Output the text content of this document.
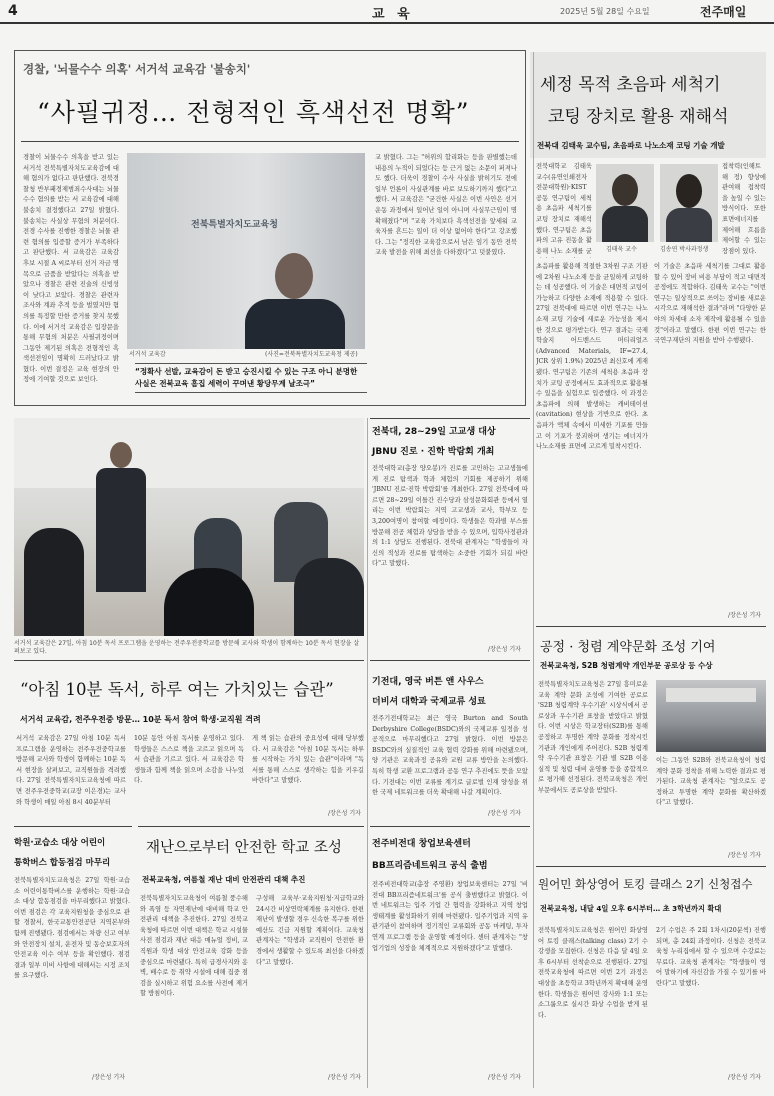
4	교 육	2025년 5월 28일 수요일	전주매일
경찰, '뇌물수수 의혹' 서거석 교육감 '불송치'
“사필귀정… 전형적인 흑색선전 명확”
경찰이 뇌물수수 의혹을 받고 있는 서거석 전북특별자치도교육감에 대해 혐의가 없다고 판단했다. 전북경찰청 반부패경제범죄수사대는 뇌물수수 혐의를 받는 서 교육감에 대해 불송치 결정했다고 27일 밝혔다. 불송치는 사실상 무혐의 처분이다. 전경 수사를 진행한 경찰은 뇌물 관련 혐의를 입증할 증거가 부족하다고 판단했다. 서 교육감은 교육감 후보 시절 A 씨로부터 선거 자금 명목으로 금품을 받았다는 의혹을 받았으나 경찰은 관련 진술의 신빙성이 낮다고 보았다. 경찰은 관련자 조사와 계좌 추적 등을 벌였지만 혐의를 특정할 만한 증거를 찾지 못했다. 이에 서거석 교육감은 입장문을 통해 무혐의 처분은 사필귀정이며 그동안 제기된 의혹은 전형적인 흑색선전임이 명확히 드러났다고 밝혔다. 이번 결정은 교육 현장의 안정에 기여할 것으로 보인다.
전북특별자치도교육청
서거석 교육감	(사진=전북특별자치도교육청 제공)
교 밝혔다. 그는 "허위의 합리화는 등을 판별했는데 내용의 누적이 되었다는 등 근거 없는 소문이 퍼져나도 했다. 더욱이 경찰이 수사 사실을 밝히기도 전에 일부 언론이 사실관계를 바로 보도하기까지 했다"고 했다. 서 교육감은 "굳건한 사실은 이번 사안은 선거운동 과정에서 일어난 일이 아니며 사실무근임이 명확해졌다"며 "교육 가치보다 흑색선전을 앞세워 교육자를 흔드는 일이 더 이상 없어야 한다"고 강조했다. 그는 "정직한 교육감으로서 남은 임기 동안 전북교육 발전을 위해 최선을 다하겠다"고 덧붙였다.
“정확사 선발, 교육감이 돈 받고 승진시킬 수 있는 구조 아니 분명한 사실은 전북교육 흠집 세력이 꾸며낸 황당무계 날조극”
세정 목적 초음파 세척기
코팅 장치로 활용 재해석
전북대 김태욱 교수팀, 초음파로 나노소재 코팅 기술 개발
전북대학교 김태욱 교수(유연인쇄전자전문대학원)·KIST 공동 연구팀이 세척용 초음파 세척기를 코팅 장치로 재해석했다. 연구팀은 초음파의 고유 진동을 활용해 나노 소재를 균 김태욱 교수	김송연 박사과정생
접착력(인해트해 정) 향상에 관여해 접착력을 높일 수 있는 방식이다. 또한 표면에너지를 제어해 흐름을 제어할 수 있는 장점이 있다.
초음파를 활용해 적절한 3차원 구조 기판에 2차원 나노소재 등을 균일하게 코팅하는 데 성공했다. 이 기술은 대면적 코팅이 가능하고 다양한 소재에 적용할 수 있다. 27일 전북대에 따르면 이번 연구는 나노소재 코팅 기술에 새로운 가능성을 제시한 것으로 평가받는다. 연구 결과는 국제 학술지 어드밴스드 머티리얼즈(Advanced Materials, IF=27.4, JCR 상위 1.9%) 2025년 최신호에 게재됐다. 연구팀은 기존의 세척용 초음파 장치가 코팅 공정에서도 효과적으로 활용될 수 있음을 실험으로 입증했다. 이 과정은 초음파에 의해 발생하는 캐비테이션(cavitation) 현상을 기반으로 한다. 초음파가 액체 속에서 미세한 기포를 만들고 이 기포가 붕괴하며 생기는 에너지가 나노소재를 표면에 고르게 밀착시킨다.
이 기술은 초음파 세척기를 그대로 활용할 수 있어 장비 비용 부담이 적고 대면적 공정에도 적합하다. 김태욱 교수는 "이번 연구는 일상적으로 쓰이는 장비를 새로운 시각으로 재해석한 결과"라며 "다양한 분야의 차세대 소자 제작에 활용될 수 있을 것"이라고 말했다. 한편 이번 연구는 한국연구재단의 지원을 받아 수행됐다.
/장은성 기자
서거석 교육감은 27일, 아침 10분 독서 프로그램을 운영하는 전주우전중학교를 방문해 교사와 학생이 함께하는 10분 독서 현장을 살펴보고 있다.
“아침 10분 독서, 하루 여는 가치있는 습관”
서거석 교육감, 전주우전중 방문… 10분 독서 참여 학생·교직원 격려
서거석 교육감은 27일 아침 10분 독서 프로그램을 운영하는 전주우전중학교를 방문해 교사와 학생이 함께하는 10분 독서 현장을 살펴보고, 교직원들을 격려했다. 27일 전북특별자치도교육청에 따르면 전주우전중학교(교장 이은경)는 교사와 학생이 매일 아침 8시 40분부터
10분 동안 아침 독서를 운영하고 있다. 학생들은 스스로 책을 고르고 읽으며 독서 습관을 기르고 있다. 서 교육감은 학생들과 함께 책을 읽으며 소감을 나누었다.
게 책 읽는 습관의 중요성에 대해 당부했다. 서 교육감은 "아침 10분 독서는 하루를 시작하는 가치 있는 습관"이라며 "독서를 통해 스스로 생각하는 힘을 키우길 바란다"고 말했다.
/장은성 기자
전북대, 28~29일 고교생 대상
JBNU 진로 · 진학 박람회 개최
전북대학교(총장 양오봉)가 진로를 고민하는 고교생들에게 진로 탐색과 학과 체험의 기회를 제공하기 위해 'JBNU 진로·진학 박람회'를 개최한다. 27일 전북대에 따르면 28~29일 이틀간 진수당과 삼성문화회관 등에서 열리는 이번 박람회는 지역 고교생과 교사, 학부모 등 3,200여명이 참여할 예정이다. 학생들은 학과별 부스를 방문해 전공 체험과 상담을 받을 수 있으며, 입학사정관과의 1:1 상담도 진행된다. 전북대 관계자는 "학생들이 자신의 적성과 진로를 탐색하는 소중한 기회가 되길 바란다"고 말했다.
/장은성 기자
기전대, 영국 버튼 앤 사우스
더비셔 대학과 국제교류 성료
전주기전대학교는 최근 영국 Burton and South Derbyshire College(BSDC)와의 국제교류 일정을 성공적으로 마무리했다고 27일 밝혔다. 이번 방문은 BSDC와의 실질적인 교육 협력 강화를 위해 마련됐으며, 양 기관은 교육과정 공유와 교원 교류 방안을 논의했다. 특히 학생 교환 프로그램과 공동 연구 추진에도 뜻을 모았다. 기전대는 이번 교류를 계기로 글로벌 인재 양성을 위한 국제 네트워크를 더욱 확대해 나갈 계획이다.
/장은성 기자
공정 · 청렴 계약문화 조성 기여
전북교육청, S2B 청렴계약 개인부문 공로상 등 수상
전북특별자치도교육청은 27일 흥미로운 교육 계약 문화 조성에 기여한 공로로 'S2B 청렴계약 우수기관' 시상식에서 공로상과 우수기관 표창을 받았다고 밝혔다. 이번 시상은 학교장터(S2B)를 통해 공정하고 투명한 계약 문화를 정착시킨 기관과 개인에게 주어진다. S2B 청렴계약 우수기관 표창은 기관 별 S2B 이용 실적 및 청렴 대비 운영률 등을 종합적으로 평가해 선정된다. 전북교육청은 개인부문에서도 공로상을 받았다.
이는 그동안 S2B와 전북교육청이 청렴 계약 문화 정착을 위해 노력한 결과로 평가된다. 교육청 관계자는 "앞으로도 공정하고 투명한 계약 문화를 확산하겠다"고 말했다.
/장은성 기자
학원·교습소 대상 어린이
통학버스 합동점검 마무리
전북특별자치도교육청은 27일 학원·교습소 어린이통학버스를 운행하는 학원·교습소 대상 합동점검을 마무리했다고 밝혔다. 이번 점검은 각 교육지원청을 중심으로 관할 경찰서, 한국교통안전공단 지역본부와 함께 진행됐다. 점검에서는 차량 신고 여부와 안전장치 설치, 운전자 및 동승보호자의 안전교육 이수 여부 등을 확인했다. 점검 결과 일부 미비 사항에 대해서는 시정 조치를 요구했다.
/장은성 기자
재난으로부터 안전한 학교 조성
전북교육청, 여름철 재난 대비 안전관리 대책 추진
전북특별자치도교육청이 여름철 풍수해와 폭염 등 자연재난에 대비해 학교 안전관리 대책을 추진한다. 27일 전북교육청에 따르면 이번 대책은 학교 시설물 사전 점검과 재난 대응 매뉴얼 정비, 교직원과 학생 대상 안전교육 강화 등을 중심으로 마련됐다. 특히 급경사지와 옹벽, 배수로 등 취약 시설에 대해 집중 점검을 실시하고 위험 요소를 사전에 제거할 방침이다.
구성해 교육부·교육지원청·지급학교와 24시간 비상연락체계를 유지한다. 한편 재난이 발생할 경우 신속한 복구를 위한 예산도 긴급 지원할 계획이다. 교육청 관계자는 "학생과 교직원이 안전한 환경에서 생활할 수 있도록 최선을 다하겠다"고 말했다.
/장은성 기자
전주비전대 창업보육센터
BB프리즘네트워크 공식 출범
전주비전대학교(총장 주영환) 창업보육센터는 27일 '비전대 BB프리즘네트워크'를 공식 출범했다고 밝혔다. 이번 네트워크는 입주 기업 간 협력을 강화하고 지역 창업 생태계를 활성화하기 위해 마련됐다. 입주기업과 지역 유관기관이 참여하며 정기적인 교류회와 공동 마케팅, 투자 연계 프로그램 등을 운영할 예정이다. 센터 관계자는 "창업기업의 성장을 체계적으로 지원하겠다"고 말했다.
/장은성 기자
원어민 화상영어 토킹 클래스 2기 신청접수
전북교육청, 내달 4일 오후 6시부터… 초 3학년까지 확대
전북특별자치도교육청은 원어민 화상영어 토킹 클래스(talking class) 2기 수강생을 모집한다. 신청은 다음 달 4일 오후 6시부터 선착순으로 진행된다. 27일 전북교육청에 따르면 이번 2기 과정은 대상을 초등학교 3학년까지 확대해 운영한다. 학생들은 원어민 강사와 1:1 또는 소그룹으로 실시간 화상 수업을 받게 된다.
2기 수업은 주 2회 1차시(20분씩) 진행되며, 총 24회 과정이다. 신청은 전북교육청 누리집에서 할 수 있으며 수강료는 무료다. 교육청 관계자는 "학생들이 영어 말하기에 자신감을 가질 수 있기를 바란다"고 말했다.
/장은성 기자
